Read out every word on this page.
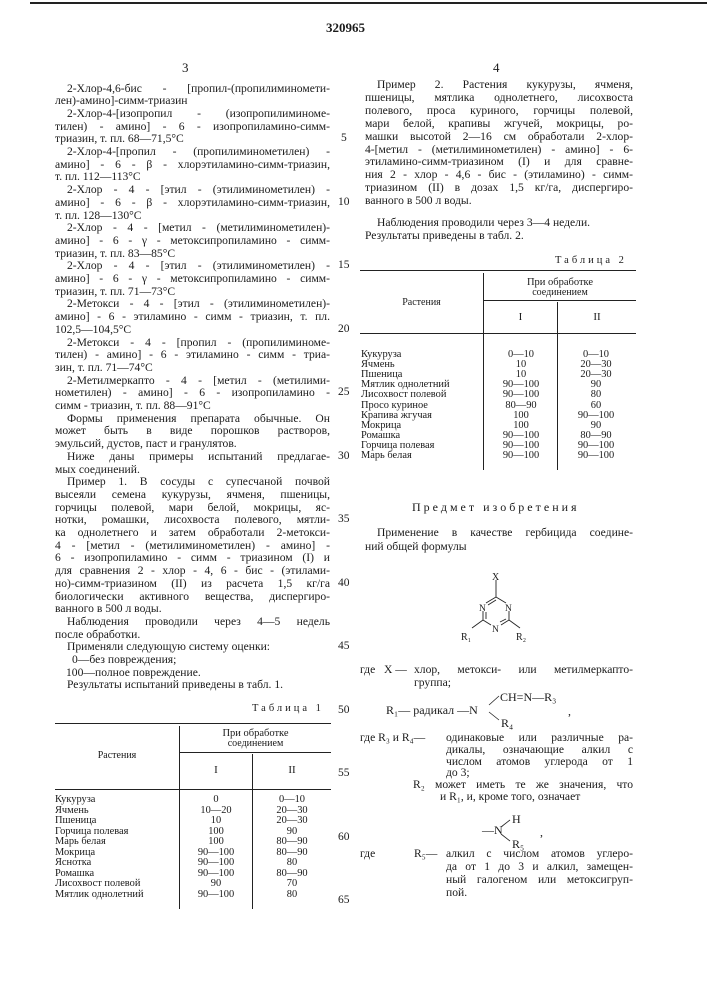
320965
3	4
2-Хлор-4,6-бис - [пропил-(пропилиминомети-
лен)-амино]-симм-триазин
2-Хлор-4-[изопропил - (изопропилиминоме-
тилен) - амино] - 6 - изопропиламино-симм-
триазин, т. пл. 68—71,5°С
2-Хлор-4-[пропил - (пропилиминометилен) -
амино] - 6 - β - хлорэтиламино-симм-триазин,
т. пл. 112—113°С
2-Хлор - 4 - [этил - (этилиминометилен) -
амино] - 6 - β - хлорэтиламино-симм-триазин,
т. пл. 128—130°С
2-Хлор - 4 - [метил - (метилиминометилен)-
амино] - 6 - γ - метоксипропиламино - симм-
триазин, т. пл. 83—85°С
2-Хлор - 4 - [этил - (этилиминометилен) -
амино] - 6 - γ - метоксипропиламино - симм-
триазин, т. пл. 71—73°С
2-Метокси - 4 - [этил - (этилиминометилен)-
амино] - 6 - этиламино - симм - триазин, т. пл.
102,5—104,5°С
2-Метокси - 4 - [пропил - (пропилиминоме-
тилен) - амино] - 6 - этиламино - симм - триа-
зин, т. пл. 71—74°С
2-Метилмеркапто - 4 - [метил - (метилими-
нометилен) - амино] - 6 - изопропиламино -
симм - триазин, т. пл. 88—91°С
Формы применения препарата обычные. Он
может быть в виде порошков растворов,
эмульсий, дустов, паст и гранулятов.
Ниже даны примеры испытаний предлагае-
мых соединений.
Пример 1. В сосуды с супесчаной почвой
высеяли семена кукурузы, ячменя, пшеницы,
горчицы полевой, мари белой, мокрицы, яс-
нотки, ромашки, лисохвоста полевого, мятли-
ка однолетнего и затем обработали 2-метокси-
4 - [метил - (метилиминометилен) - амино] -
6 - изопропиламино - симм - триазином (I) и
для сравнения 2 - хлор - 4, 6 - бис - (этилами-
но)-симм-триазином (II) из расчета 1,5 кг/га
биологически активного вещества, диспергиро-
ванного в 500 л воды.
Наблюдения проводили через 4—5 недель
после обработки.
Применяли следующую систему оценки:
0—без повреждения;
100—полное повреждение.
Результаты испытаний приведены в табл. 1.
5
10
15
20
25
30
35
40
45
50
55
60
65
Таблица 1
Растения
При обработке
соединением
I	II
Кукуруза	0	0—10
Ячмень	10—20	20—30
Пшеница	10	20—30
Горчица полевая	100	90
Марь белая	100	80—90
Мокрица	90—100	80—90
Яснотка	90—100	80
Ромашка	90—100	80—90
Лисохвост полевой	90	70
Мятлик однолетний	90—100	80
Пример 2. Растения кукурузы, ячменя,
пшеницы, мятлика однолетнего, лисохвоста
полевого, проса куриного, горчицы полевой,
мари белой, крапивы жгучей, мокрицы, ро-
машки высотой 2—16 см обработали 2-хлор-
4-[метил - (метилиминометилен) - амино] - 6-
этиламино-симм-триазином (I) и для сравне-
ния 2 - хлор - 4,6 - бис - (этиламино) - симм-
триазином (II) в дозах 1,5 кг/га, диспергиро-
ванного в 500 л воды.
Наблюдения проводили через 3—4 недели.
Результаты приведены в табл. 2.
Таблица 2
Растения
При обработке
соединением
I	II
Кукуруза	0—10	0—10
Ячмень	10	20—30
Пшеница	10	20—30
Мятлик однолетний	90—100	90
Лисохвост полевой	90—100	80
Просо куриное	80—90	60
Крапива жгучая	100	90—100
Мокрица	100	90
Ромашка	90—100	80—90
Горчица полевая	90—100	90—100
Марь белая	90—100	90—100
Предмет изобретения
Применение в качестве гербицида соедине-
ний общей формулы
X
N N
N
R₁	R₂
где X — хлор, метокси- или метилмеркапто-
группа;
R₁— радикал —N
CH=N—R₃
R₄
,
где R₃ и R₄— одинаковые или различные ра-
дикалы, означающие алкил с
числом атомов углерода от 1
до 3;
R₂ может иметь те же значения, что
и R₁, и, кроме того, означает
—N
H
R₅
,
где	R₅— алкил с числом атомов углеро-
да от 1 до 3 и алкил, замещен-
ный галогеном или метоксигруп-
пой.
